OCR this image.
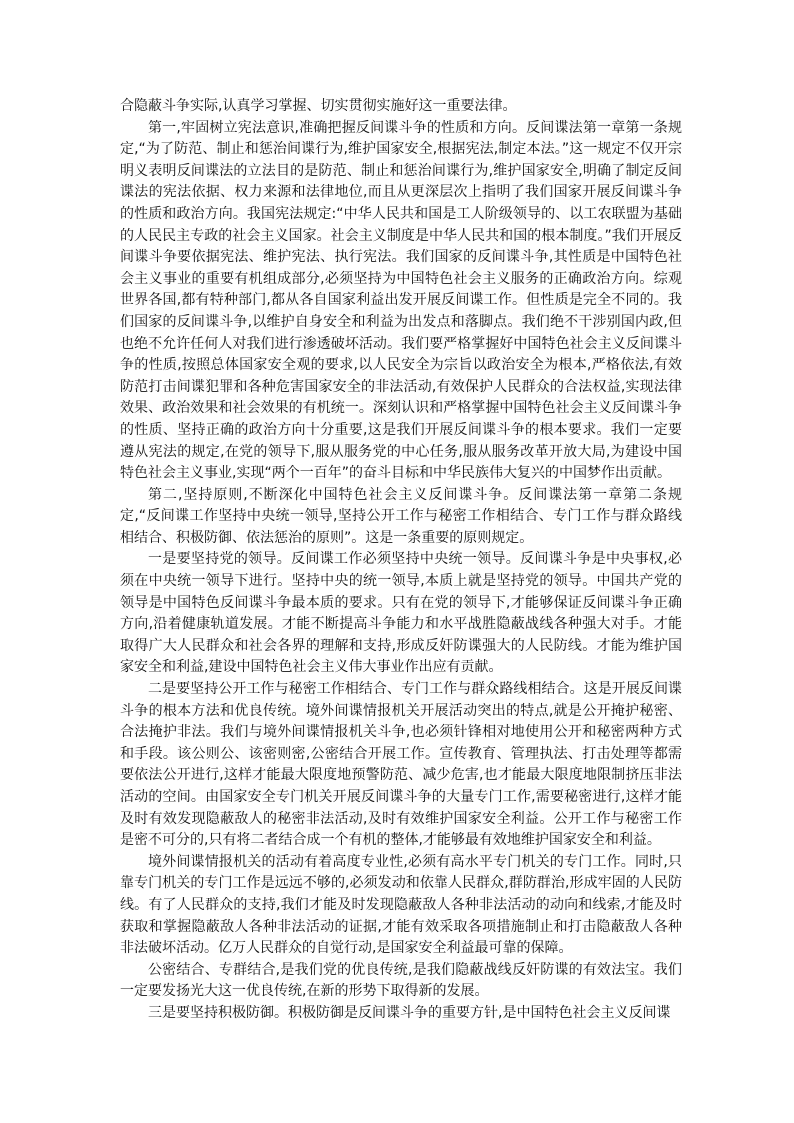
合隐蔽斗争实际,认真学习掌握、切实贯彻实施好这一重要法律。

第一,牢固树立宪法意识,准确把握反间谍斗争的性质和方向。反间谍法第一章第一条规定,“为了防范、制止和惩治间谍行为,维护国家安全,根据宪法,制定本法。”这一规定不仅开宗明义表明反间谍法的立法目的是防范、制止和惩治间谍行为,维护国家安全,明确了制定反间谍法的宪法依据、权力来源和法律地位,而且从更深层次上指明了我们国家开展反间谍斗争的性质和政治方向。我国宪法规定:“中华人民共和国是工人阶级领导的、以工农联盟为基础的人民民主专政的社会主义国家。社会主义制度是中华人民共和国的根本制度。”我们开展反间谍斗争要依据宪法、维护宪法、执行宪法。我们国家的反间谍斗争,其性质是中国特色社会主义事业的重要有机组成部分,必须坚持为中国特色社会主义服务的正确政治方向。综观世界各国,都有特种部门,都从各自国家利益出发开展反间谍工作。但性质是完全不同的。我们国家的反间谍斗争,以维护自身安全和利益为出发点和落脚点。我们绝不干涉别国内政,但也绝不允许任何人对我们进行渗透破坏活动。我们要严格掌握好中国特色社会主义反间谍斗争的性质,按照总体国家安全观的要求,以人民安全为宗旨以政治安全为根本,严格依法,有效防范打击间谍犯罪和各种危害国家安全的非法活动,有效保护人民群众的合法权益,实现法律效果、政治效果和社会效果的有机统一。深刻认识和严格掌握中国特色社会主义反间谍斗争的性质、坚持正确的政治方向十分重要,这是我们开展反间谍斗争的根本要求。我们一定要遵从宪法的规定,在党的领导下,服从服务党的中心任务,服从服务改革开放大局,为建设中国特色社会主义事业,实现“两个一百年”的奋斗目标和中华民族伟大复兴的中国梦作出贡献。

第二,坚持原则,不断深化中国特色社会主义反间谍斗争。反间谍法第一章第二条规定,“反间谍工作坚持中央统一领导,坚持公开工作与秘密工作相结合、专门工作与群众路线相结合、积极防御、依法惩治的原则”。这是一条重要的原则规定。

一是要坚持党的领导。反间谍工作必须坚持中央统一领导。反间谍斗争是中央事权,必须在中央统一领导下进行。坚持中央的统一领导,本质上就是坚持党的领导。中国共产党的领导是中国特色反间谍斗争最本质的要求。只有在党的领导下,才能够保证反间谍斗争正确方向,沿着健康轨道发展。才能不断提高斗争能力和水平战胜隐蔽战线各种强大对手。才能取得广大人民群众和社会各界的理解和支持,形成反奸防谍强大的人民防线。才能为维护国家安全和利益,建设中国特色社会主义伟大事业作出应有贡献。

二是要坚持公开工作与秘密工作相结合、专门工作与群众路线相结合。这是开展反间谍斗争的根本方法和优良传统。境外间谍情报机关开展活动突出的特点,就是公开掩护秘密、合法掩护非法。我们与境外间谍情报机关斗争,也必须针锋相对地使用公开和秘密两种方式和手段。该公则公、该密则密,公密结合开展工作。宣传教育、管理执法、打击处理等都需要依法公开进行,这样才能最大限度地预警防范、减少危害,也才能最大限度地限制挤压非法活动的空间。由国家安全专门机关开展反间谍斗争的大量专门工作,需要秘密进行,这样才能及时有效发现隐蔽敌人的秘密非法活动,及时有效维护国家安全利益。公开工作与秘密工作是密不可分的,只有将二者结合成一个有机的整体,才能够最有效地维护国家安全和利益。

境外间谍情报机关的活动有着高度专业性,必须有高水平专门机关的专门工作。同时,只靠专门机关的专门工作是远远不够的,必须发动和依靠人民群众,群防群治,形成牢固的人民防线。有了人民群众的支持,我们才能及时发现隐蔽敌人各种非法活动的动向和线索,才能及时获取和掌握隐蔽敌人各种非法活动的证据,才能有效采取各项措施制止和打击隐蔽敌人各种非法破坏活动。亿万人民群众的自觉行动,是国家安全利益最可靠的保障。

公密结合、专群结合,是我们党的优良传统,是我们隐蔽战线反奸防谍的有效法宝。我们一定要发扬光大这一优良传统,在新的形势下取得新的发展。

三是要坚持积极防御。积极防御是反间谍斗争的重要方针,是中国特色社会主义反间谍
